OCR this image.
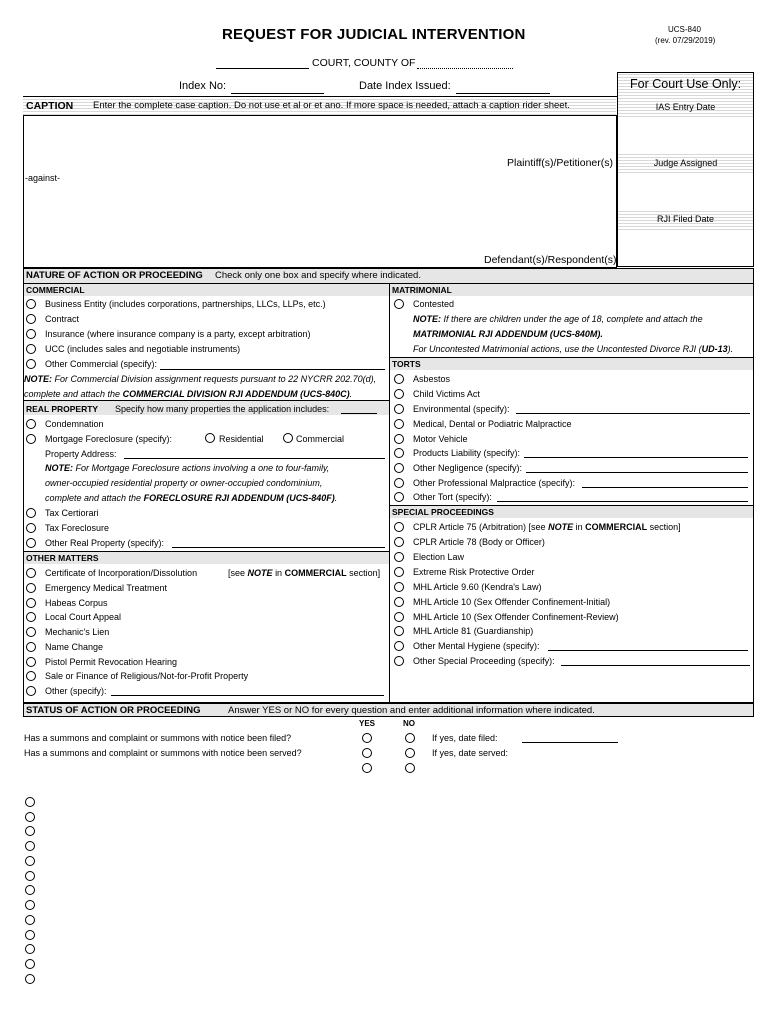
REQUEST FOR JUDICIAL INTERVENTION	UCS-840
(rev. 07/29/2019)
COURT, COUNTY OF
Index No:	Date Index Issued:	For Court Use Only:
IAS Entry Date
Judge Assigned
RJI Filed Date
CAPTION Enter the complete case caption. Do not use et al or et ano. If more space is needed, attach a caption rider sheet.
Plaintiff(s)/Petitioner(s)
-against-
Defendant(s)/Respondent(s)
NATURE OF ACTION OR PROCEEDING Check only one box and specify where indicated.
COMMERCIAL
Business Entity (includes corporations, partnerships, LLCs, LLPs, etc.)
Contract
Insurance (where insurance company is a party, except arbitration)
UCC (includes sales and negotiable instruments)
Other Commercial (specify):
NOTE: For Commercial Division assignment requests pursuant to 22 NYCRR 202.70(d),
complete and attach the COMMERCIAL DIVISION RJI ADDENDUM (UCS-840C).
REAL PROPERTY Specify how many properties the application includes:
Condemnation
Mortgage Foreclosure (specify):	Residential	Commercial
Property Address:
NOTE: For Mortgage Foreclosure actions involving a one to four-family,
owner-occupied residential property or owner-occupied condominium,
complete and attach the FORECLOSURE RJI ADDENDUM (UCS-840F).
Tax Certiorari
Tax Foreclosure
Other Real Property (specify):
OTHER MATTERS
Certificate of Incorporation/Dissolution	[see NOTE in COMMERCIAL section]
Emergency Medical Treatment
Habeas Corpus
Local Court Appeal
Mechanic's Lien
Name Change
Pistol Permit Revocation Hearing
Sale or Finance of Religious/Not-for-Profit Property
Other (specify):
MATRIMONIAL
Contested
NOTE: If there are children under the age of 18, complete and attach the
MATRIMONIAL RJI ADDENDUM (UCS-840M).
For Uncontested Matrimonial actions, use the Uncontested Divorce RJI (UD-13).
TORTS
Asbestos
Child Victims Act
Environmental (specify):
Medical, Dental or Podiatric Malpractice
Motor Vehicle
Products Liability (specify):
Other Negligence (specify):
Other Professional Malpractice (specify):
Other Tort (specify):
SPECIAL PROCEEDINGS
CPLR Article 75 (Arbitration) [see NOTE in COMMERCIAL section]
CPLR Article 78 (Body or Officer)
Election Law
Extreme Risk Protective Order
MHL Article 9.60 (Kendra's Law)
MHL Article 10 (Sex Offender Confinement-Initial)
MHL Article 10 (Sex Offender Confinement-Review)
MHL Article 81 (Guardianship)
Other Mental Hygiene (specify):
Other Special Proceeding (specify):
STATUS OF ACTION OR PROCEEDING	Answer YES or NO for every question and enter additional information where indicated.
YES	NO
Has a summons and complaint or summons with notice been filed?	If yes, date filed:
Has a summons and complaint or summons with notice been served?	If yes, date served:
